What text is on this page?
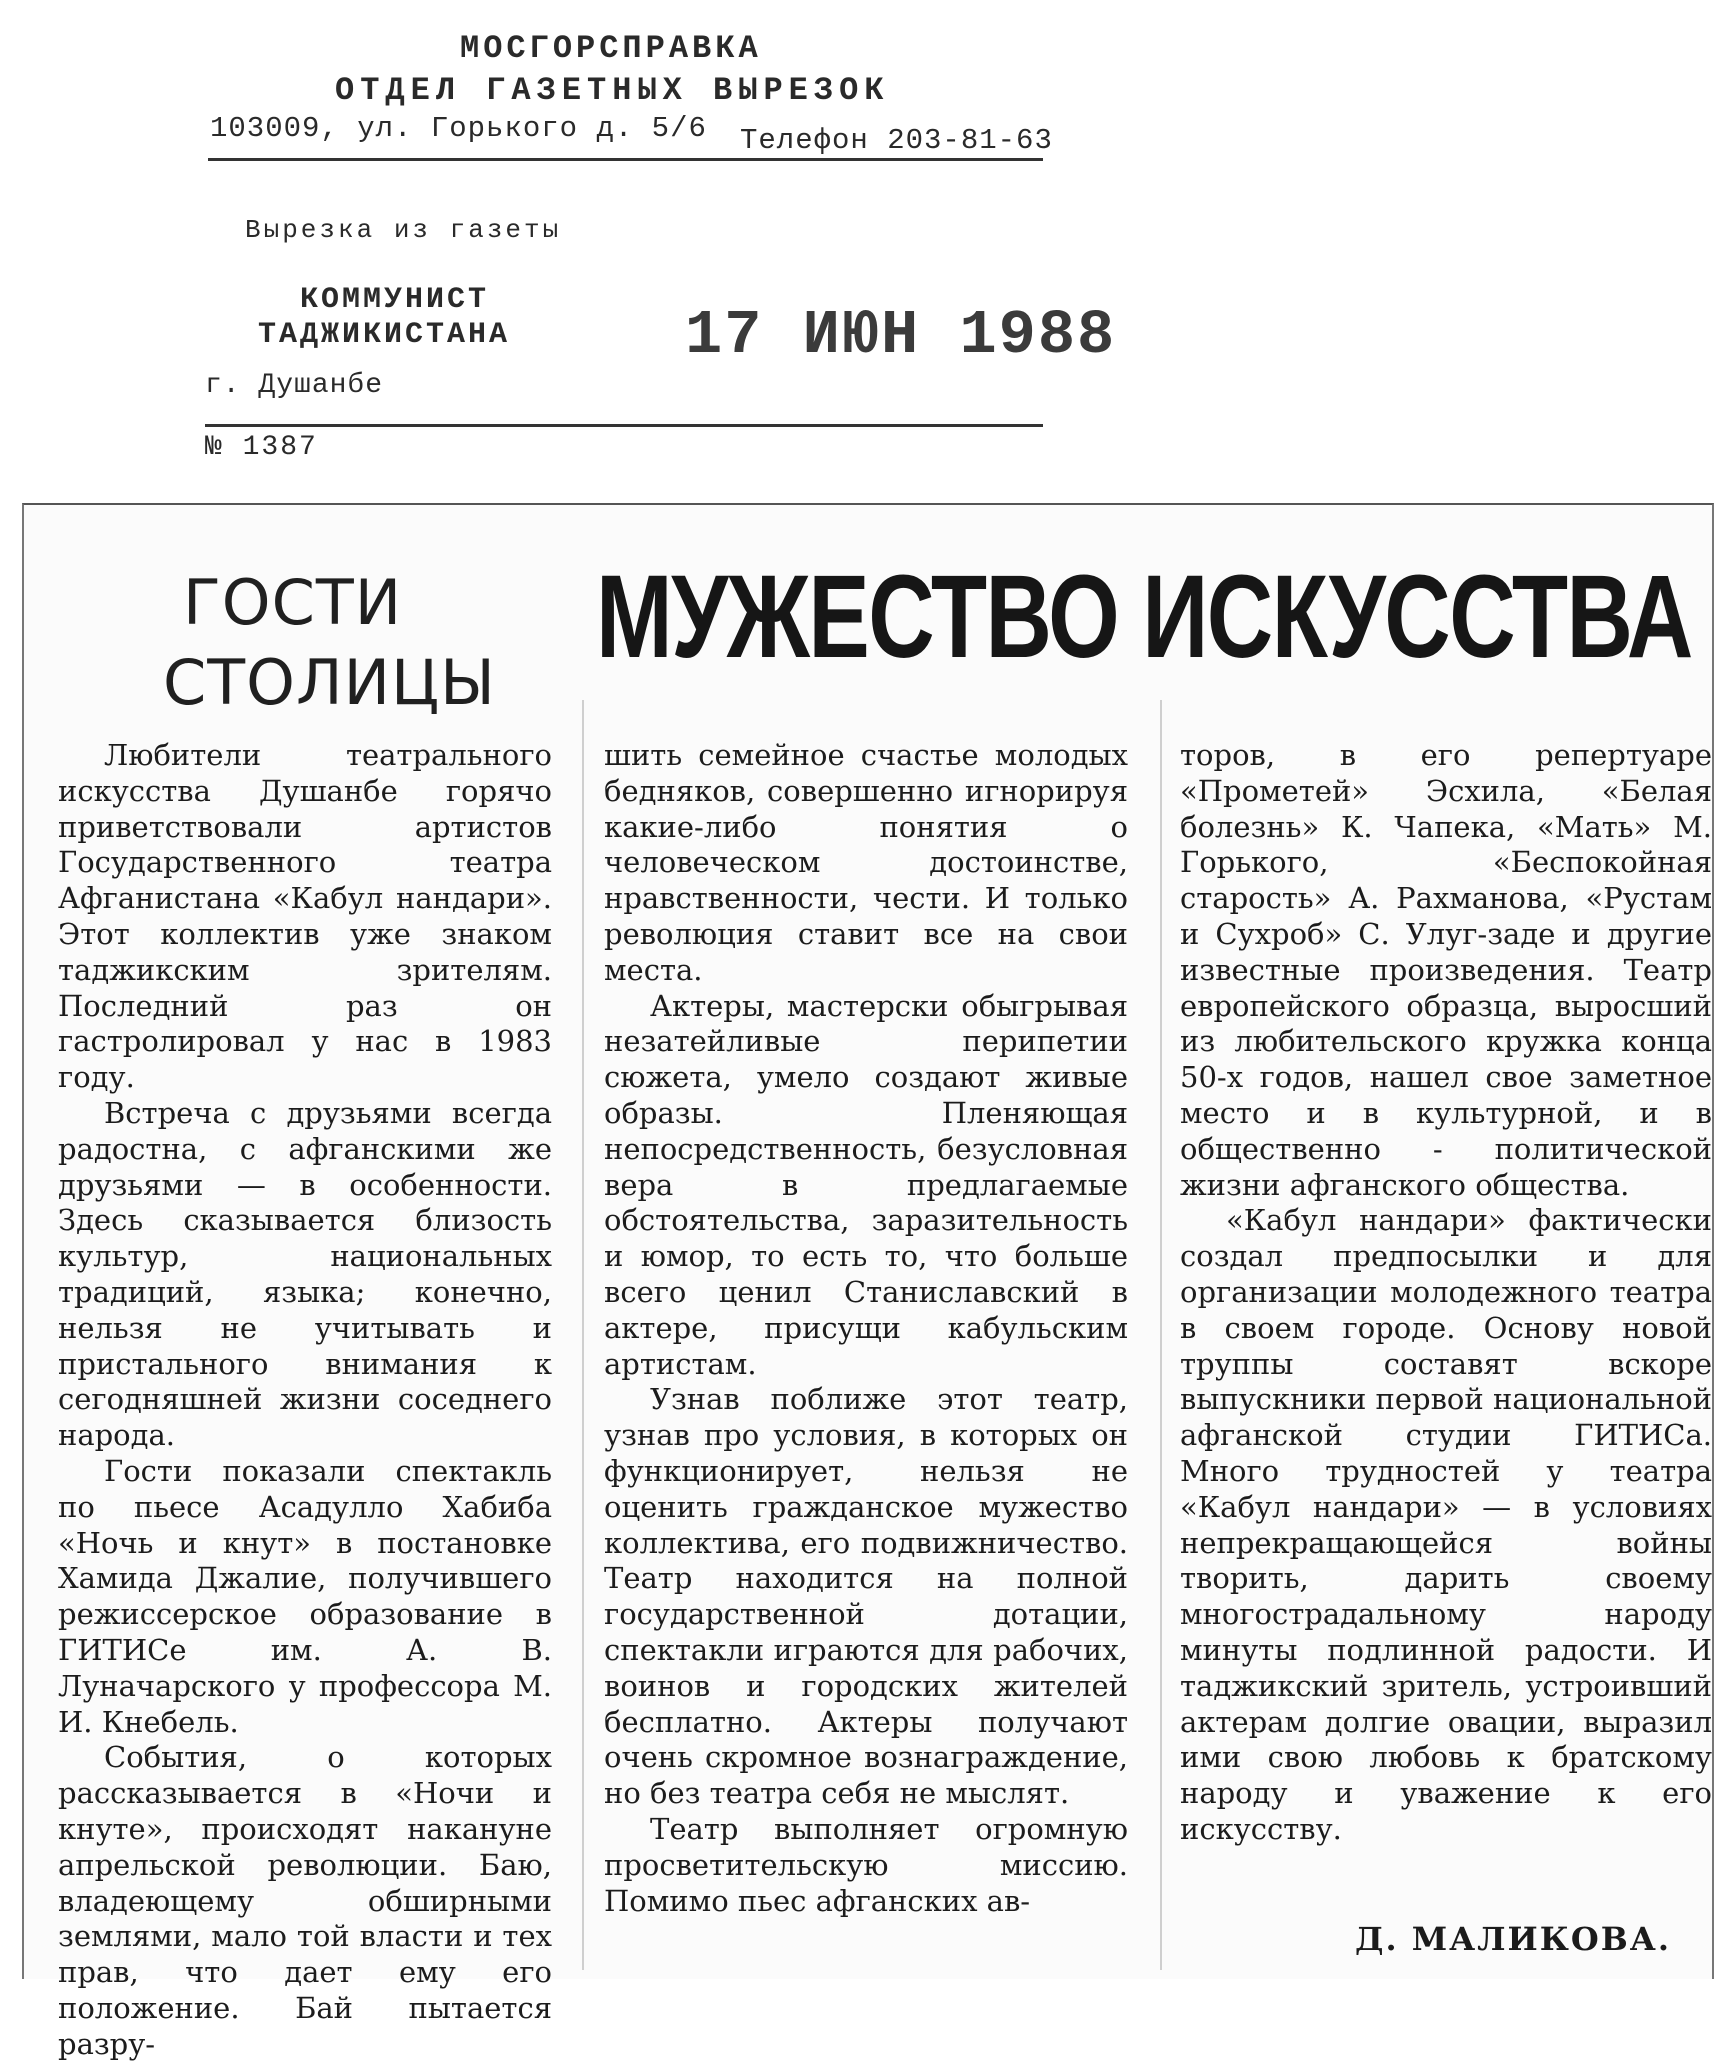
МОСГОРСПРАВКА
ОТДЕЛ ГАЗЕТНЫХ ВЫРЕЗОК
103009, ул. Горького д. 5/6 Телефон 203-81-63
Вырезка из газеты
КОММУНИСТ
ТАДЖИКИСТАНА	17 ИЮН 1988
г. Душанбе
№ 1387
ГОСТИ
СТОЛИЦЫ МУЖЕСТВО ИСКУССТВА

Любители театрального искусства Душанбе горячо приветствовали артистов Государственного театра Афганистана «Кабул нандари». Этот коллектив уже знаком таджикским зрителям. Последний раз он гастролировал у нас в 1983 году.

Встреча с друзьями всегда радостна, с афганскими же друзьями — в особенности. Здесь сказывается близость культур, национальных традиций, языка; конечно, нельзя не учитывать и пристального внимания к сегодняшней жизни соседнего народа.

Гости показали спектакль по пьесе Асадулло Хабиба «Ночь и кнут» в постановке Хамида Джалие, получившего режиссерское образование в ГИТИСе им. А. В. Луначарского у профессора М. И. Кнебель.

События, о которых рассказывается в «Ночи и кнуте», происходят накануне апрельской революции. Баю, владеющему обширными землями, мало той власти и тех прав, что дает ему его положение. Бай пытается разру-

шить семейное счастье молодых бедняков, совершенно игнорируя какие-либо понятия о человеческом достоинстве, нравственности, чести. И только революция ставит все на свои места.

Актеры, мастерски обыгрывая незатейливые перипетии сюжета, умело создают живые образы. Пленяющая непосредственность, безусловная вера в предлагаемые обстоятельства, заразительность и юмор, то есть то, что больше всего ценил Станиславский в актере, присущи кабульским артистам.

Узнав поближе этот театр, узнав про условия, в которых он функционирует, нельзя не оценить гражданское мужество коллектива, его подвижничество. Театр находится на полной государственной дотации, спектакли играются для рабочих, воинов и городских жителей бесплатно. Актеры получают очень скромное вознаграждение, но без театра себя не мыслят.

Театр выполняет огромную просветительскую миссию. Помимо пьес афганских ав-

торов, в его репертуаре «Прометей» Эсхила, «Белая болезнь» К. Чапека, «Мать» М. Горького, «Беспокойная старость» А. Рахманова, «Рустам и Сухроб» С. Улуг-заде и другие известные произведения. Театр европейского образца, выросший из любительского кружка конца 50-х годов, нашел свое заметное место и в культурной, и в общественно - политической жизни афганского общества.

«Кабул нандари» фактически создал предпосылки и для организации молодежного театра в своем городе. Основу новой труппы составят вскоре выпускники первой национальной афганской студии ГИТИСа. Много трудностей у театра «Кабул нандари» — в условиях непрекращающейся войны творить, дарить своему многострадальному народу минуты подлинной радости. И таджикский зритель, устроивший актерам долгие овации, выразил ими свою любовь к братскому народу и уважение к его искусству.

Д. МАЛИКОВА.
